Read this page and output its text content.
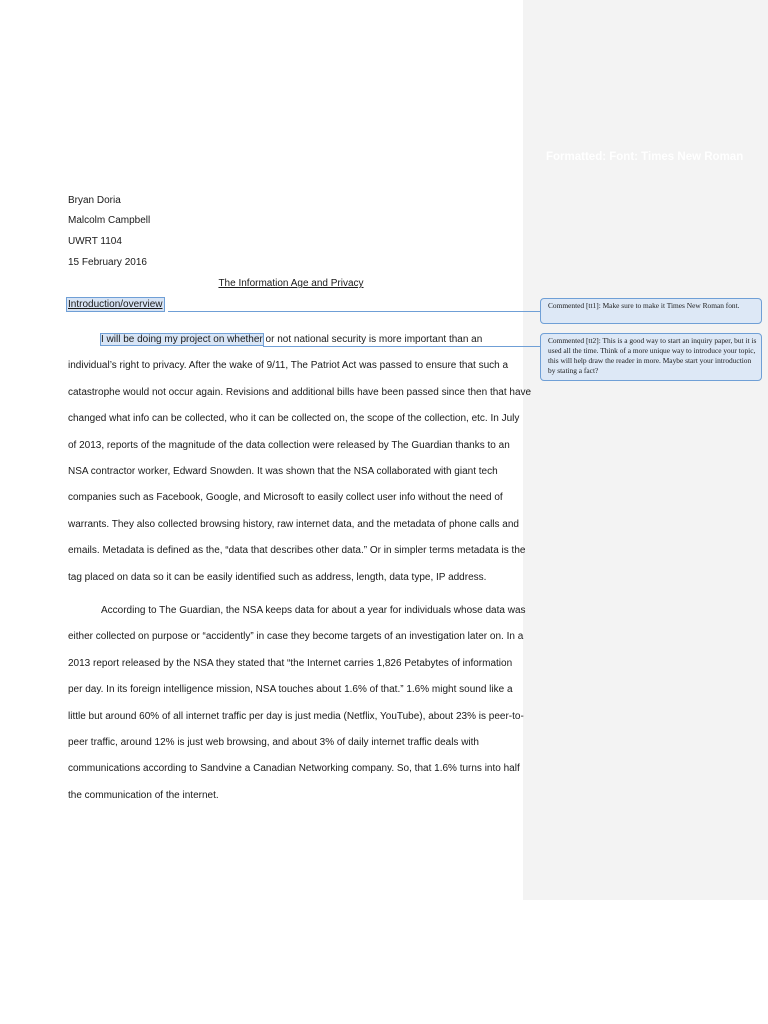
Formatted: Font: Times New Roman
Bryan Doria
Malcolm Campbell
UWRT 1104
15 February 2016
The Information Age and Privacy
Introduction/overview
I will be doing my project on whether or not national security is more important than an
individual’s right to privacy. After the wake of 9/11, The Patriot Act was passed to ensure that such a
catastrophe would not occur again. Revisions and additional bills have been passed since then that have
changed what info can be collected, who it can be collected on, the scope of the collection, etc. In July
of 2013, reports of the magnitude of the data collection were released by The Guardian thanks to an
NSA contractor worker, Edward Snowden. It was shown that the NSA collaborated with giant tech
companies such as Facebook, Google, and Microsoft to easily collect user info without the need of
warrants. They also collected browsing history, raw internet data, and the metadata of phone calls and
emails. Metadata is defined as the, “data that describes other data.” Or in simpler terms metadata is the
tag placed on data so it can be easily identified such as address, length, data type, IP address.
According to The Guardian, the NSA keeps data for about a year for individuals whose data was
either collected on purpose or “accidently” in case they become targets of an investigation later on. In a
2013 report released by the NSA they stated that “the Internet carries 1,826 Petabytes of information
per day. In its foreign intelligence mission, NSA touches about 1.6% of that.” 1.6% might sound like a
little but around 60% of all internet traffic per day is just media (Netflix, YouTube), about 23% is peer-to-
peer traffic, around 12% is just web browsing, and about 3% of daily internet traffic deals with
communications according to Sandvine a Canadian Networking company. So, that 1.6% turns into half
the communication of the internet.
Commented [tt1]: Make sure to make it Times New Roman font.
Commented [tt2]: This is a good way to start an inquiry paper, but it is used all the time. Think of a more unique way to introduce your topic, this will help draw the reader in more. Maybe start your introduction by stating a fact?
